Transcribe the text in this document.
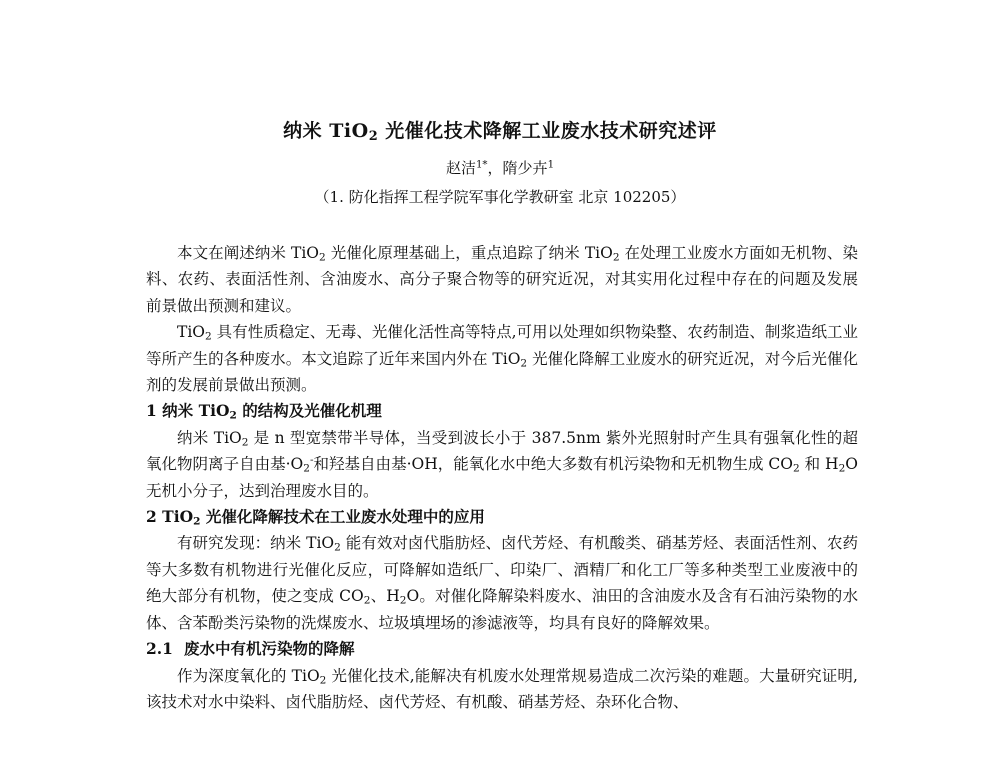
纳米 TiO$_2$ 光催化技术降解工业废水技术研究述评
赵洁$^{1*}$，隋少卉$^1$
（1. 防化指挥工程学院军事化学教研室 北京 102205）

本文在阐述纳米 TiO$_2$ 光催化原理基础上，重点追踪了纳米 TiO$_2$ 在处理工业废水方面如无机物、染料、农药、表面活性剂、含油废水、高分子聚合物等的研究近况，对其实用化过程中存在的问题及发展前景做出预测和建议。

TiO$_2$ 具有性质稳定、无毒、光催化活性高等特点,可用以处理如织物染整、农药制造、制浆造纸工业等所产生的各种废水。本文追踪了近年来国内外在 TiO$_2$ 光催化降解工业废水的研究近况，对今后光催化剂的发展前景做出预测。

1 纳米 TiO$_2$ 的结构及光催化机理

纳米 TiO$_2$ 是 n 型宽禁带半导体，当受到波长小于 387.5nm 紫外光照射时产生具有强氧化性的超氧化物阴离子自由基$\cdot O_2^-$和羟基自由基·OH，能氧化水中绝大多数有机污染物和无机物生成 $CO_2$ 和 $H_2O$ 无机小分子，达到治理废水目的。

2 TiO$_2$ 光催化降解技术在工业废水处理中的应用

有研究发现：纳米 TiO$_2$ 能有效对卤代脂肪烃、卤代芳烃、有机酸类、硝基芳烃、表面活性剂、农药等大多数有机物进行光催化反应，可降解如造纸厂、印染厂、酒精厂和化工厂等多种类型工业废液中的绝大部分有机物，使之变成 $CO_2$、$H_2O$。对催化降解染料废水、油田的含油废水及含有石油污染物的水体、含苯酚类污染物的洗煤废水、垃圾填埋场的渗滤液等，均具有良好的降解效果。

2.1 废水中有机污染物的降解

作为深度氧化的 TiO$_2$ 光催化技术,能解决有机废水处理常规易造成二次污染的难题。大量研究证明,该技术对水中染料、卤代脂肪烃、卤代芳烃、有机酸、硝基芳烃、杂环化合物、
